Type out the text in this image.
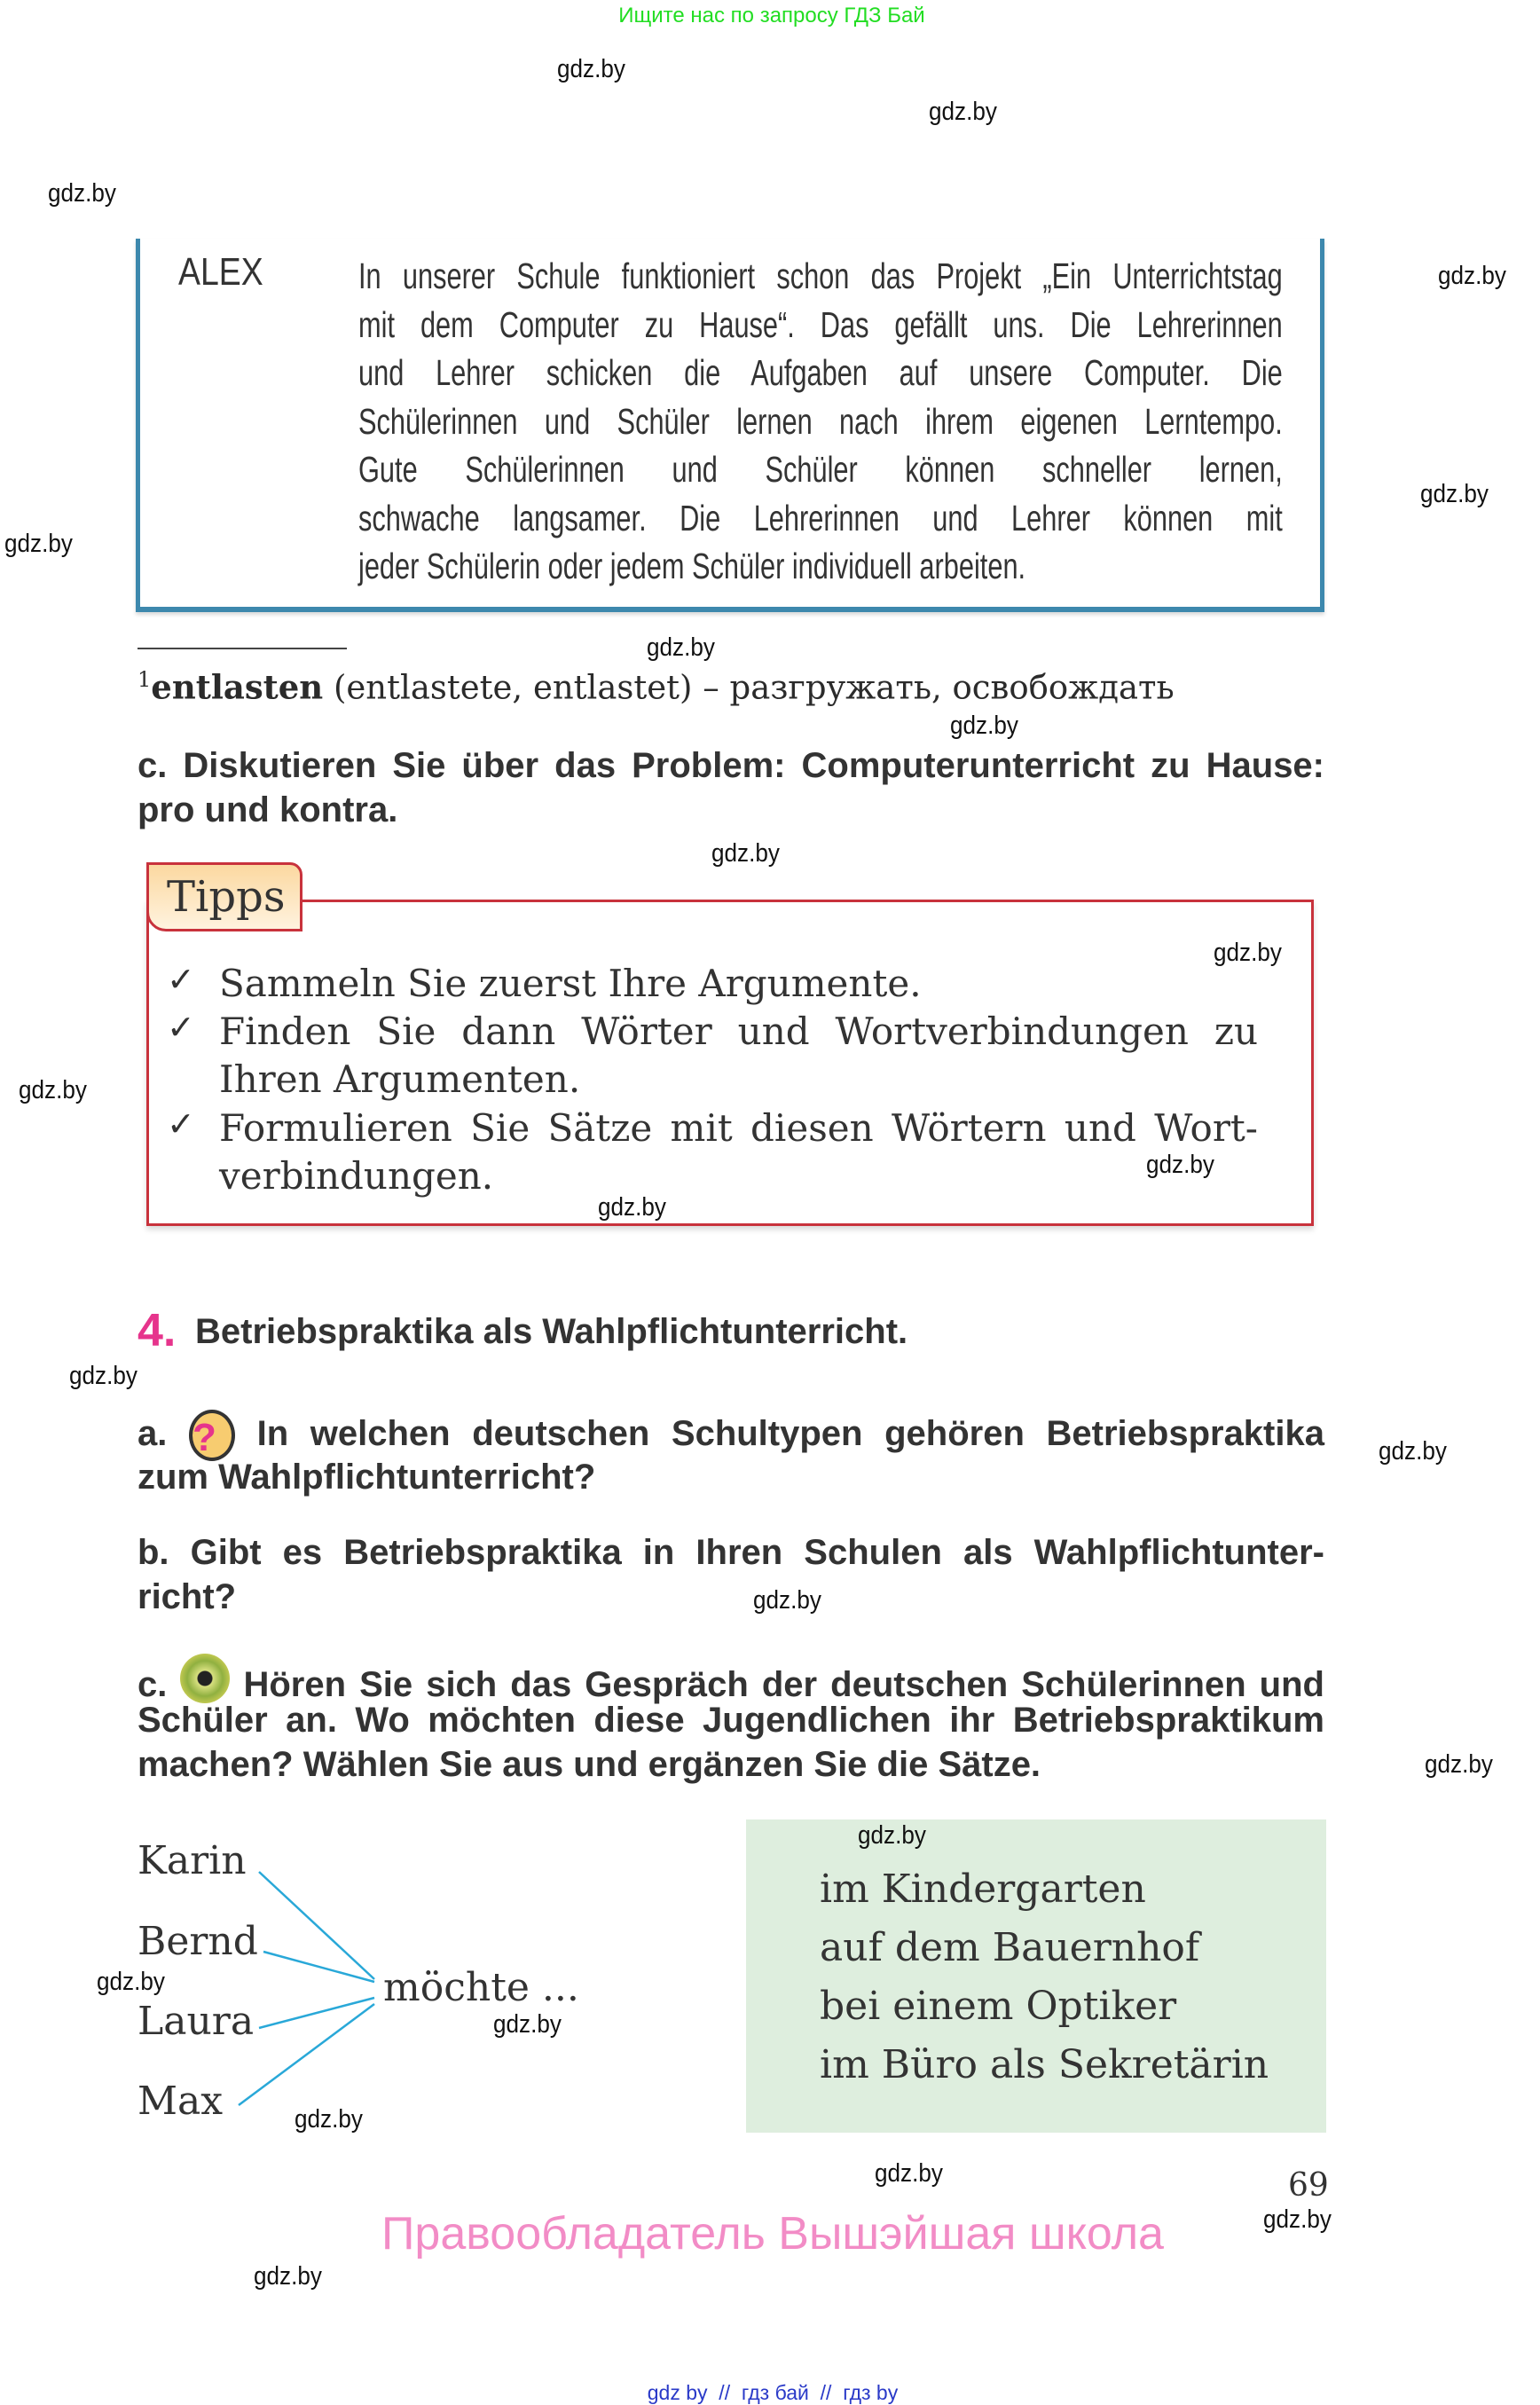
Ищите нас по запросу ГДЗ Бай
gdz.by
gdz.by
gdz.by
gdz.by
gdz.by
gdz.by
gdz.by
gdz.by
gdz.by
gdz.by
gdz.by
gdz.by
gdz.by
gdz.by
gdz.by
gdz.by
gdz.by
gdz.by
gdz.by
gdz.by
gdz.by
gdz.by
gdz.by
gdz.by
ALEX	In unserer Schule funktioniert schon das Projekt „Ein Unterrichtstag
mit dem Computer zu Hause“. Das gefällt uns. Die Lehrerinnen
und Lehrer schicken die Aufgaben auf unsere Computer. Die
Schülerinnen und Schüler lernen nach ihrem eigenen Lerntempo.
Gute Schülerinnen und Schüler können schneller lernen,
schwache langsamer. Die Lehrerinnen und Lehrer können mit
jeder Schülerin oder jedem Schüler individuell arbeiten.
$^1$entlasten (entlastete, entlastet) – разгружать, освобождать
c. Diskutieren Sie über das Problem: Computerunterricht zu Hause:
pro und kontra.
Tipps
✓
✓
✓
Sammeln Sie zuerst Ihre Argumente.
Finden Sie dann Wörter und Wortverbindungen zu
Ihren Argumenten.
Formulieren Sie Sätze mit diesen Wörtern und Wort-
verbindungen.
4. Betriebspraktika als Wahlpflichtunterricht.
a. ? In welchen deutschen Schultypen gehören Betriebspraktika
zum Wahlpflichtunterricht?
b. Gibt es Betriebspraktika in Ihren Schulen als Wahlpflichtunter-
richt?
c. Hören Sie sich das Gespräch der deutschen Schülerinnen und
Schüler an. Wo möchten diese Jugendlichen ihr Betriebspraktikum
machen? Wählen Sie aus und ergänzen Sie die Sätze.
Karin
Bernd
Laura
Max
möchte ...
im Kindergarten
auf dem Bauernhof
bei einem Optiker
im Büro als Sekretärin
69
Правообладатель Вышэйшая школа
gdz by  //  гдз бай  //  гдз by
